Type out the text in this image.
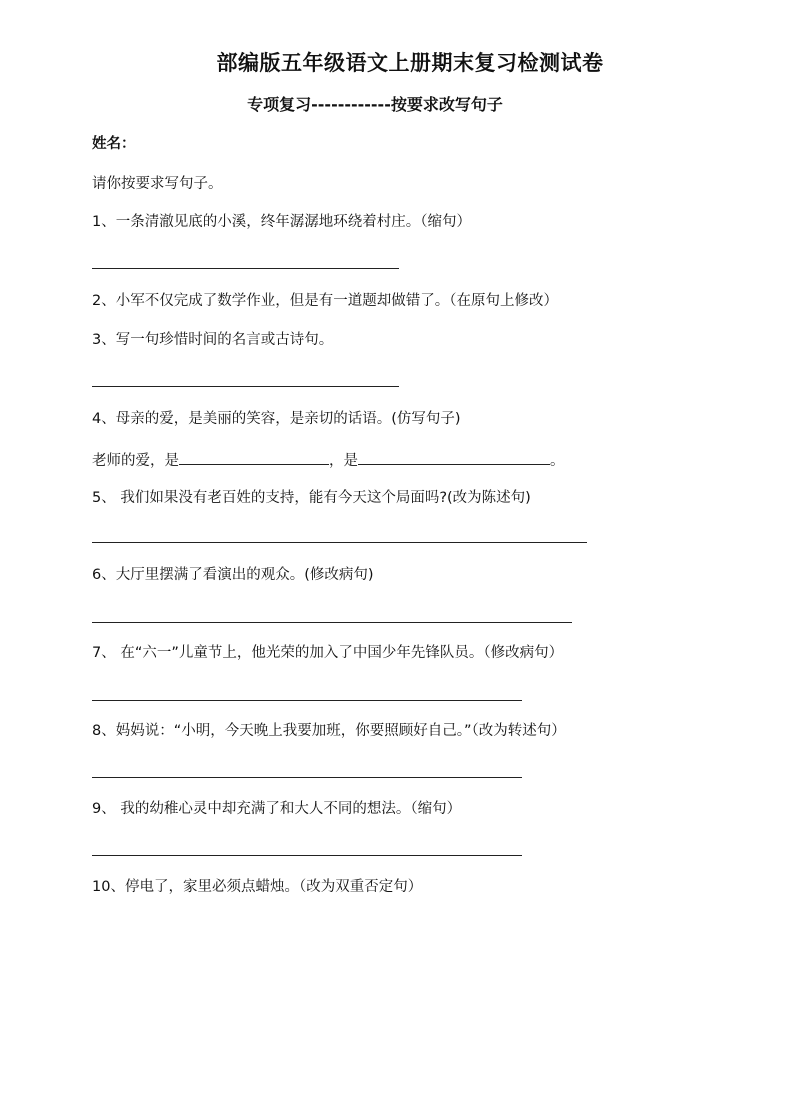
部编版五年级语文上册期末复习检测试卷
专项复习------------按要求改写句子
姓名：
请你按要求写句子。
1、一条清澈见底的小溪，终年潺潺地环绕着村庄。（缩句）
2、小军不仅完成了数学作业，但是有一道题却做错了。（在原句上修改）
3、写一句珍惜时间的名言或古诗句。
4、母亲的爱，是美丽的笑容，是亲切的话语。(仿写句子)
老师的爱，是	，是	。
5、 我们如果没有老百姓的支持，能有今天这个局面吗?(改为陈述句)
6、大厅里摆满了看演出的观众。(修改病句)
7、 在“六一”儿童节上，他光荣的加入了中国少年先锋队员。（修改病句）
8、妈妈说：“小明，今天晚上我要加班，你要照顾好自己。”（改为转述句）
9、 我的幼稚心灵中却充满了和大人不同的想法。（缩句）
10、停电了，家里必须点蜡烛。（改为双重否定句）
